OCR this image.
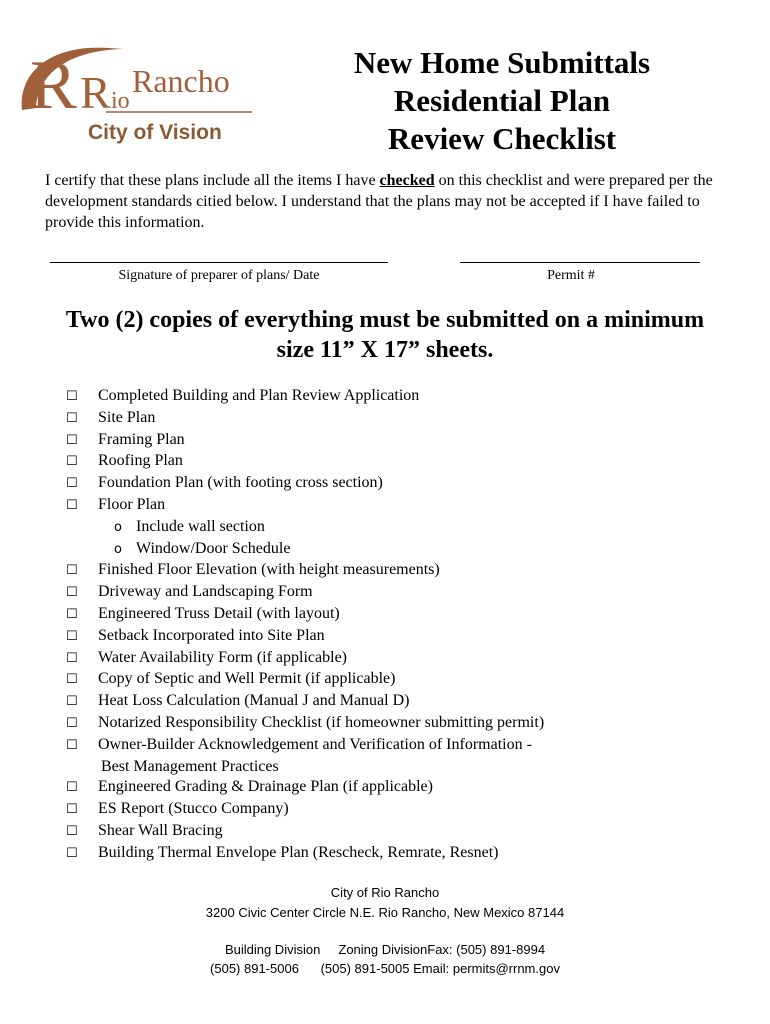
R R io
Rancho
City of Vision
New Home Submittals
Residential Plan
Review Checklist

I certify that these plans include all the items I have checked on this checklist and were prepared per the development standards citied below. I understand that the plans may not be accepted if I have failed to provide this information.

Signature of preparer of plans/ Date	Permit #
Two (2) copies of everything must be submitted on a minimum
size 11” X 17” sheets.
☐	Completed Building and Plan Review Application
☐	Site Plan
☐	Framing Plan
☐	Roofing Plan
☐	Foundation Plan (with footing cross section)
☐	Floor Plan
o Include wall section
o Window/Door Schedule
☐	Finished Floor Elevation (with height measurements)
☐	Driveway and Landscaping Form
☐	Engineered Truss Detail (with layout)
☐	Setback Incorporated into Site Plan
☐	Water Availability Form (if applicable)
☐	Copy of Septic and Well Permit (if applicable)
☐	Heat Loss Calculation (Manual J and Manual D)
☐	Notarized Responsibility Checklist (if homeowner submitting permit)
☐	Owner-Builder Acknowledgement and Verification of Information -
Best Management Practices
☐	Engineered Grading & Drainage Plan (if applicable)
☐	ES Report (Stucco Company)
☐	Shear Wall Bracing
☐	Building Thermal Envelope Plan (Rescheck, Remrate, Resnet)
City of Rio Rancho
3200 Civic Center Circle N.E. Rio Rancho, New Mexico 87144
Building Division     Zoning DivisionFax: (505) 891-8994
(505) 891-5006      (505) 891-5005 Email: permits@rrnm.gov
